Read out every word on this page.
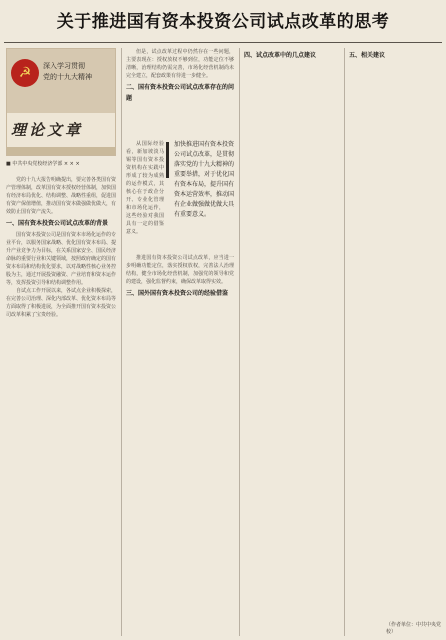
关于推进国有资本投资公司试点改革的思考
☭	深入学习贯彻
党的十九大精神
理论文章
■ 中共中央党校经济学部 × × ×

党的十九大报告明确提出，要完善各类国有资产管理体制，改革国有资本授权经营体制，加快国有经济布局优化、结构调整、战略性重组，促进国有资产保值增值，推动国有资本做强做优做大，有效防止国有资产流失。

一、国有资本投资公司试点改革的背景

国有资本投资公司是国有资本市场化运作的专业平台，以服务国家战略、优化国有资本布局、提升产业竞争力为目标，在关系国家安全、国民经济命脉的重要行业和关键领域，按照政府确定的国有资本布局和结构优化要求，以对战略性核心业务控股为主，通过开展投资融资、产业培育和资本运作等，发挥投资引导和结构调整作用。

自试点工作开展以来，各试点企业积极探索，在完善公司治理、深化内部改革、优化资本布局等方面取得了积极进展，为全面推开国有资本投资公司改革积累了宝贵经验。

但是，试点改革过程中仍然存在一些问题，主要表现在：授权放权不够到位，功能定位不够清晰，治理结构仍需完善，市场化经营机制尚未完全建立，配套政策有待进一步健全。

二、国有资本投资公司试点改革存在的问题
加快推进国有资本投资公司试点改革，是贯彻落实党的十九大精神的重要举措，对于优化国有资本布局，提升国有资本运营效率，推动国有企业做强做优做大具有重要意义。

从国际经验看，新加坡淡马锡等国有资本投资机构在实践中形成了较为成熟的运作模式，其核心在于政企分开、专业化管理和市场化运作，这些经验对我国具有一定的借鉴意义。

推进国有资本投资公司试点改革，应当进一步明确功能定位，落实授权放权，完善法人治理结构，健全市场化经营机制，加强党的领导和党的建设，强化监督约束，确保改革取得实效。

三、国外国有资本投资公司的经验借鉴
四、试点改革中的几点建议	五、相关建议
（作者单位：中共中央党校）
